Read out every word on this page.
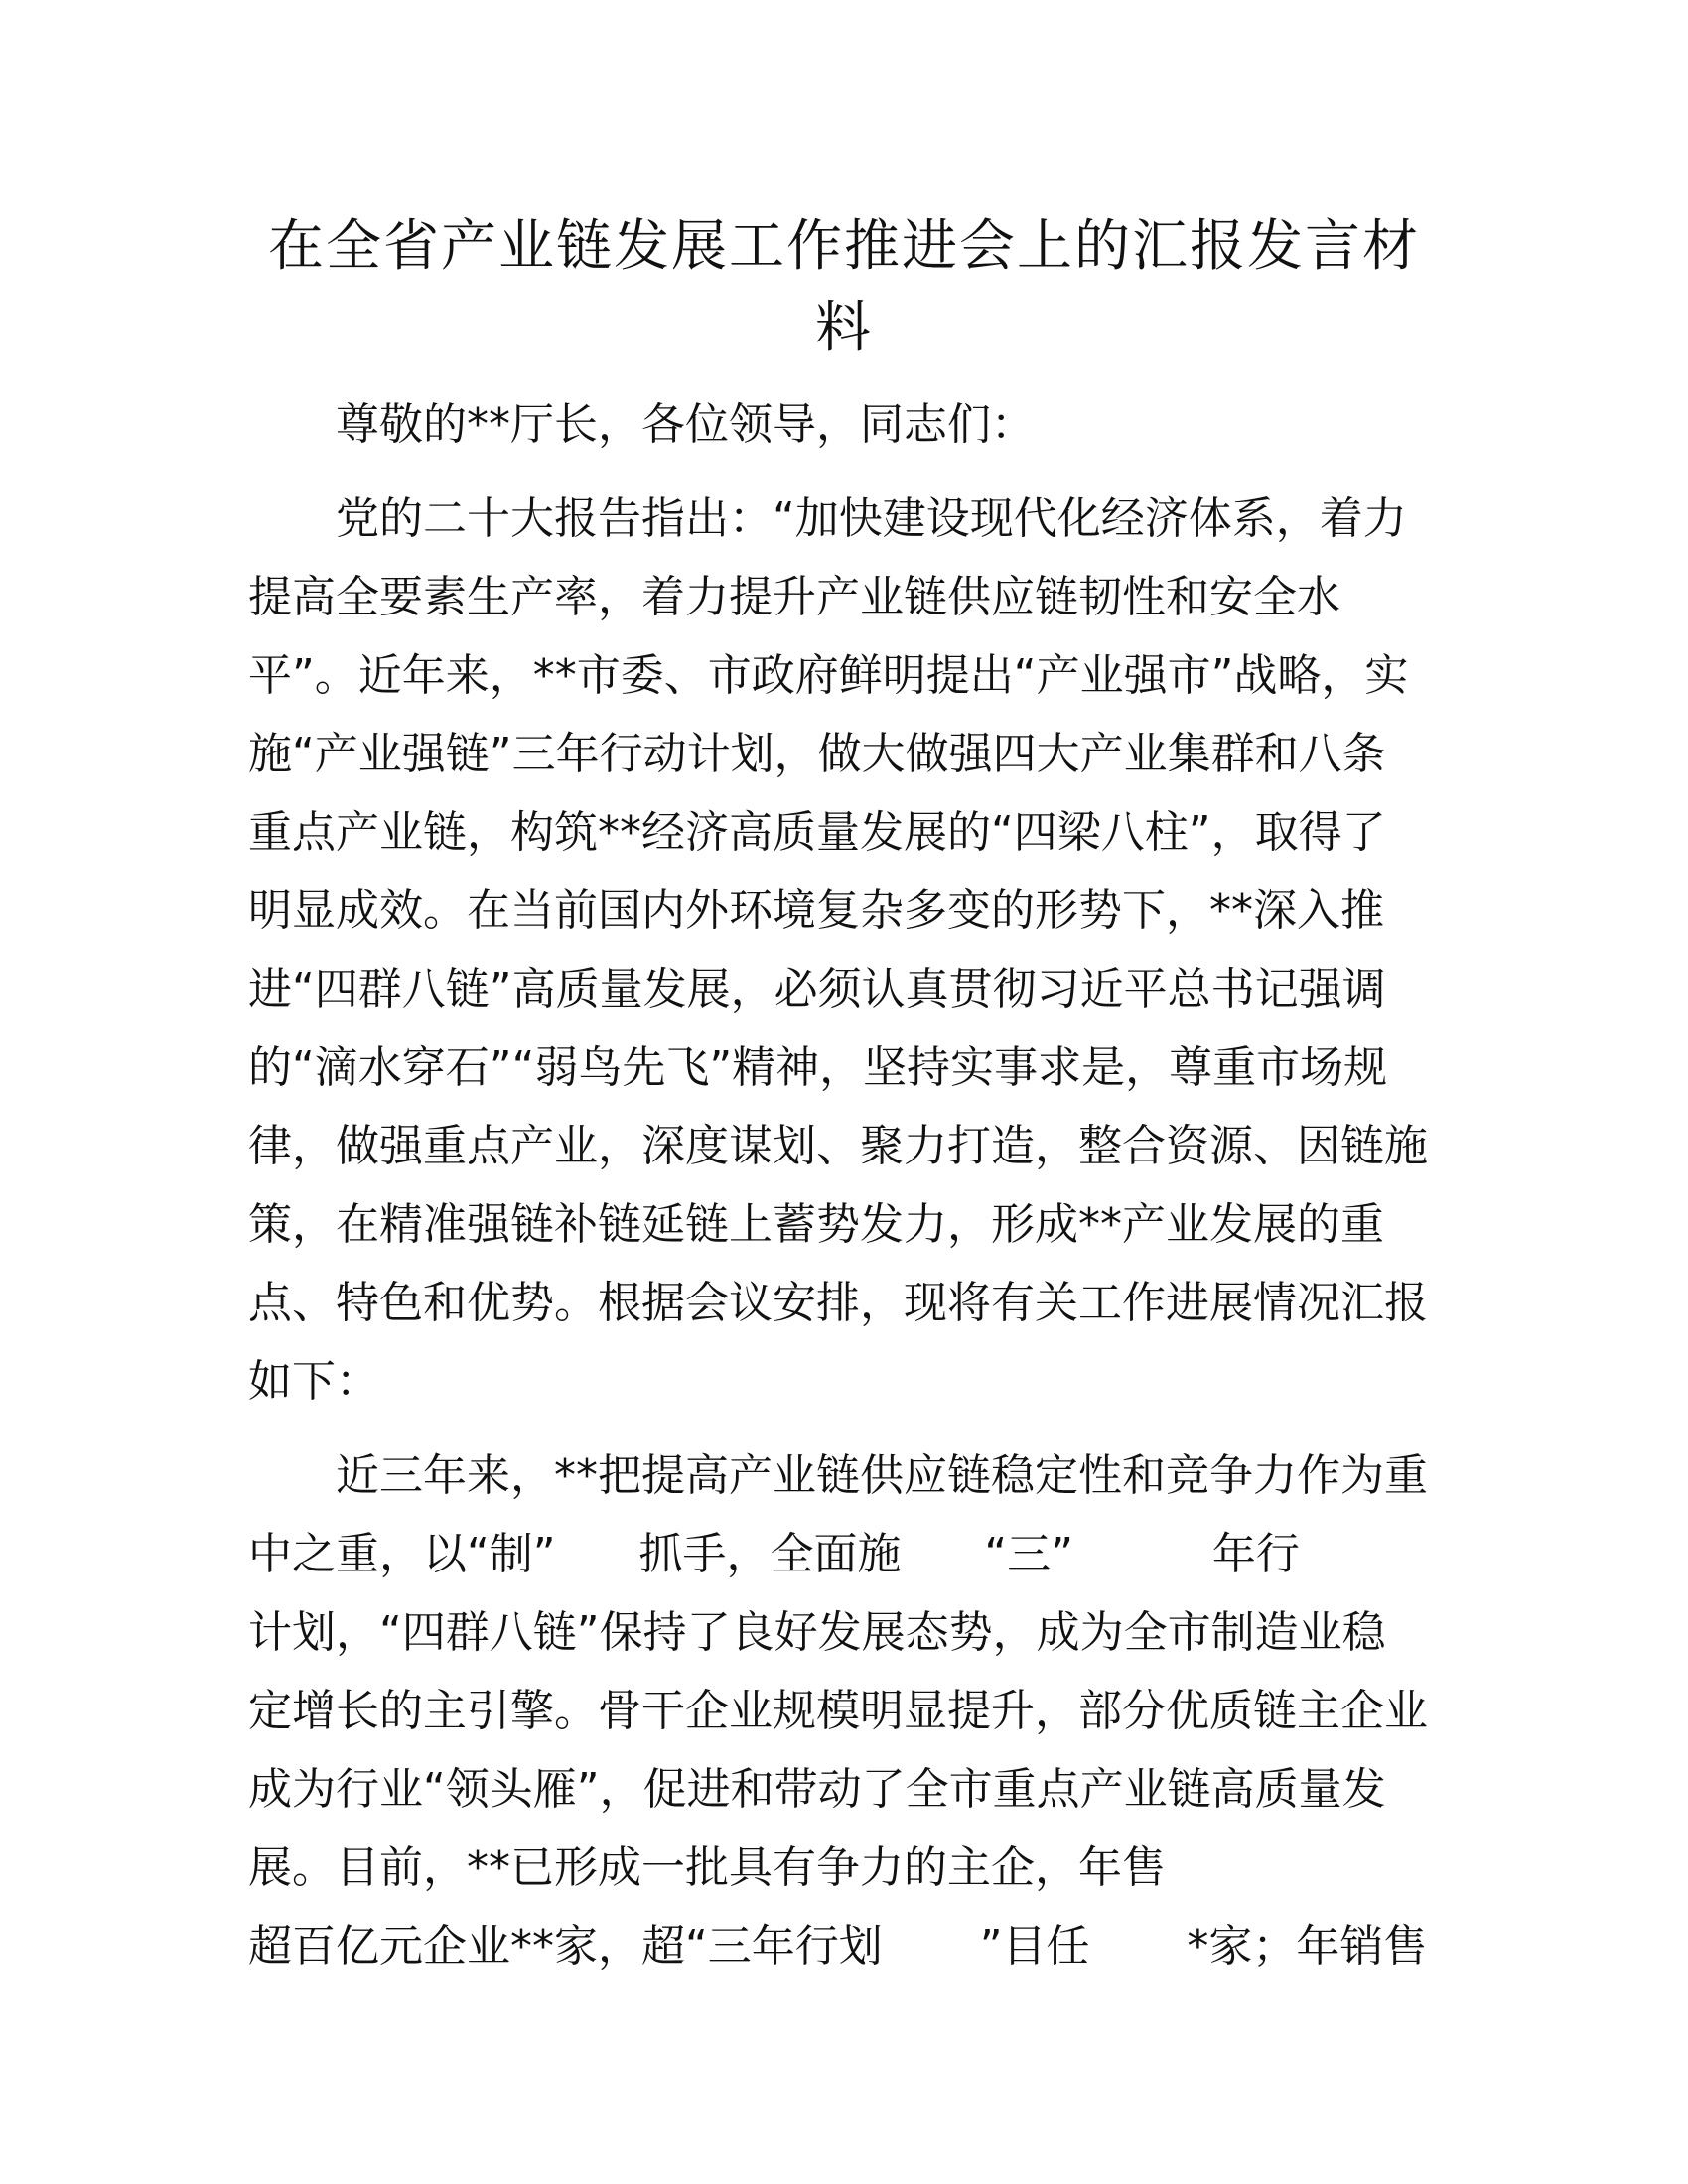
在全省产业链发展工作推进会上的汇报发言材
料
尊敬的**厅长，各位领导，同志们：
党的二十大报告指出：“加快建设现代化经济体系，着力
提高全要素生产率，着力提升产业链供应链韧性和安全水
平”。近年来，**市委、市政府鲜明提出“产业强市”战略，实
施“产业强链”三年行动计划，做大做强四大产业集群和八条
重点产业链，构筑**经济高质量发展的“四梁八柱”，取得了
明显成效。在当前国内外环境复杂多变的形势下，**深入推
进“四群八链”高质量发展，必须认真贯彻习近平总书记强调
的“滴水穿石”“弱鸟先飞”精神，坚持实事求是，尊重市场规
律，做强重点产业，深度谋划、聚力打造，整合资源、因链施
策，在精准强链补链延链上蓄势发力，形成**产业发展的重
点、特色和优势。根据会议安排，现将有关工作进展情况汇报
如下：
近三年来，**把提高产业链供应链稳定性和竞争力作为重
中之重，以“制”      抓手，全面施      “三”          年行
计划，“四群八链”保持了良好发展态势，成为全市制造业稳
定增长的主引擎。骨干企业规模明显提升，部分优质链主企业
成为行业“领头雁”，促进和带动了全市重点产业链高质量发
展。目前，**已形成一批具有争力的主企，年售
超百亿元企业**家，超“三年行划       ”目任       *家；年销售
